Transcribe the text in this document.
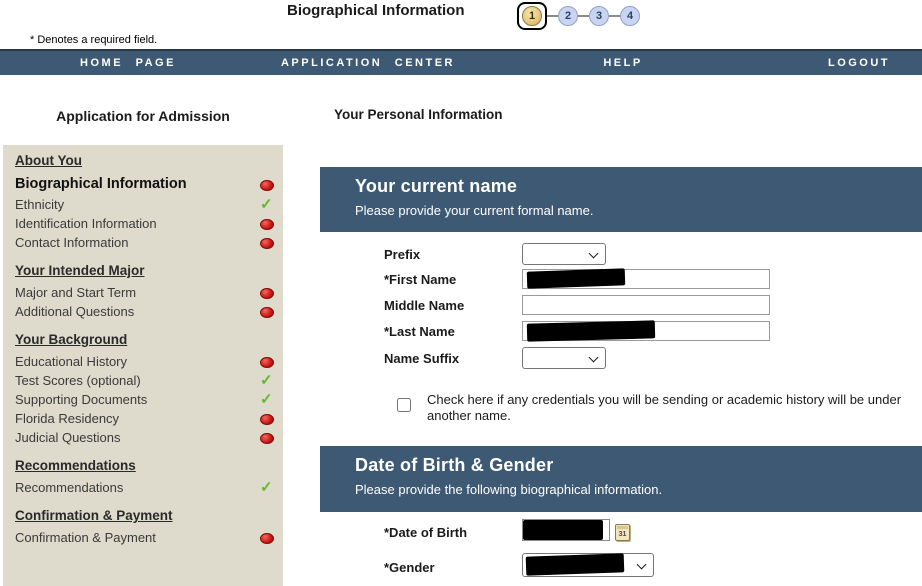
Biographical Information	1	2	3	4
* Denotes a required field.
HOME PAGE	APPLICATION CENTER	HELP	LOGOUT
Application for Admission
About You
Biographical Information
Ethnicity
✓
Identification Information
Contact Information
Your Intended Major
Major and Start Term
Additional Questions
Your Background
Educational History
Test Scores (optional)
✓
Supporting Documents
✓
Florida Residency
Judicial Questions
Recommendations
Recommendations
✓
Confirmation & Payment
Confirmation & Payment
Your Personal Information
Your current name
Please provide your current formal name.
Prefix
*First Name
Middle Name
*Last Name
Name Suffix
Check here if any credentials you will be sending or academic history will be under another name.
Date of Birth & Gender
Please provide the following biographical information.
*Date of Birth	31
*Gender
